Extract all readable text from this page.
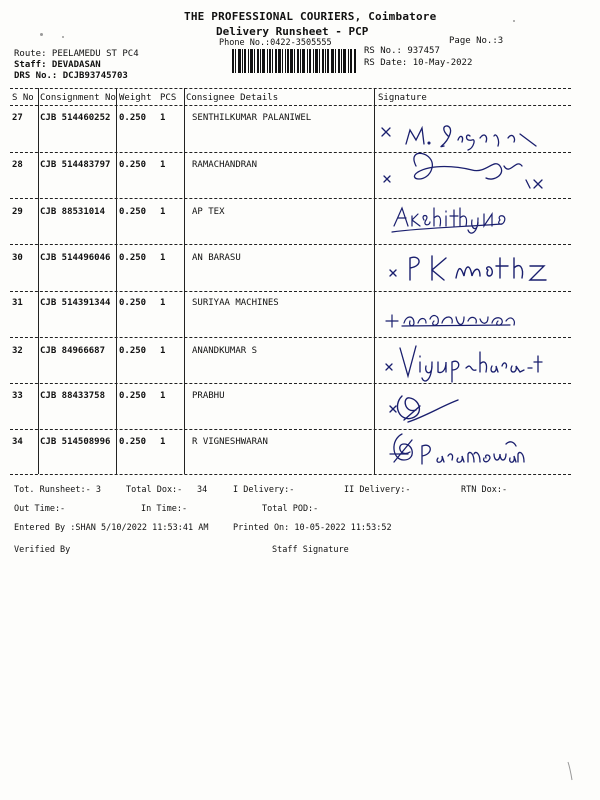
THE PROFESSIONAL COURIERS, Coimbatore
Delivery Runsheet - PCP
Phone No.:0422-3505555	Page No.:3
Route: PEELAMEDU ST PC4
Staff: DEVADASAN
DRS No.: DCJB93745703
RS No.: 937457
RS Date: 10-May-2022
S No Consignment No Weight PCS Consignee Details	Signature
27 CJB 514460252 0.250 1	SENTHILKUMAR PALANIWEL
28 CJB 514483797 0.250 1	RAMACHANDRAN
29 CJB 88531014 0.250 1	AP TEX
30 CJB 514496046 0.250 1	AN BARASU
31 CJB 514391344 0.250 1	SURIYAA MACHINES
32 CJB 84966687 0.250 1	ANANDKUMAR S
33 CJB 88433758 0.250 1	PRABHU
34 CJB 514508996 0.250 1	R VIGNESHWARAN
Tot. Runsheet:- 3	Total Dox:- 34	I Delivery:-	II Delivery:-	RTN Dox:-
Out Time:-	In Time:-	Total POD:-
Entered By :SHAN 5/10/2022 11:53:41 AM	Printed On: 10-05-2022 11:53:52
Verified By	Staff Signature
